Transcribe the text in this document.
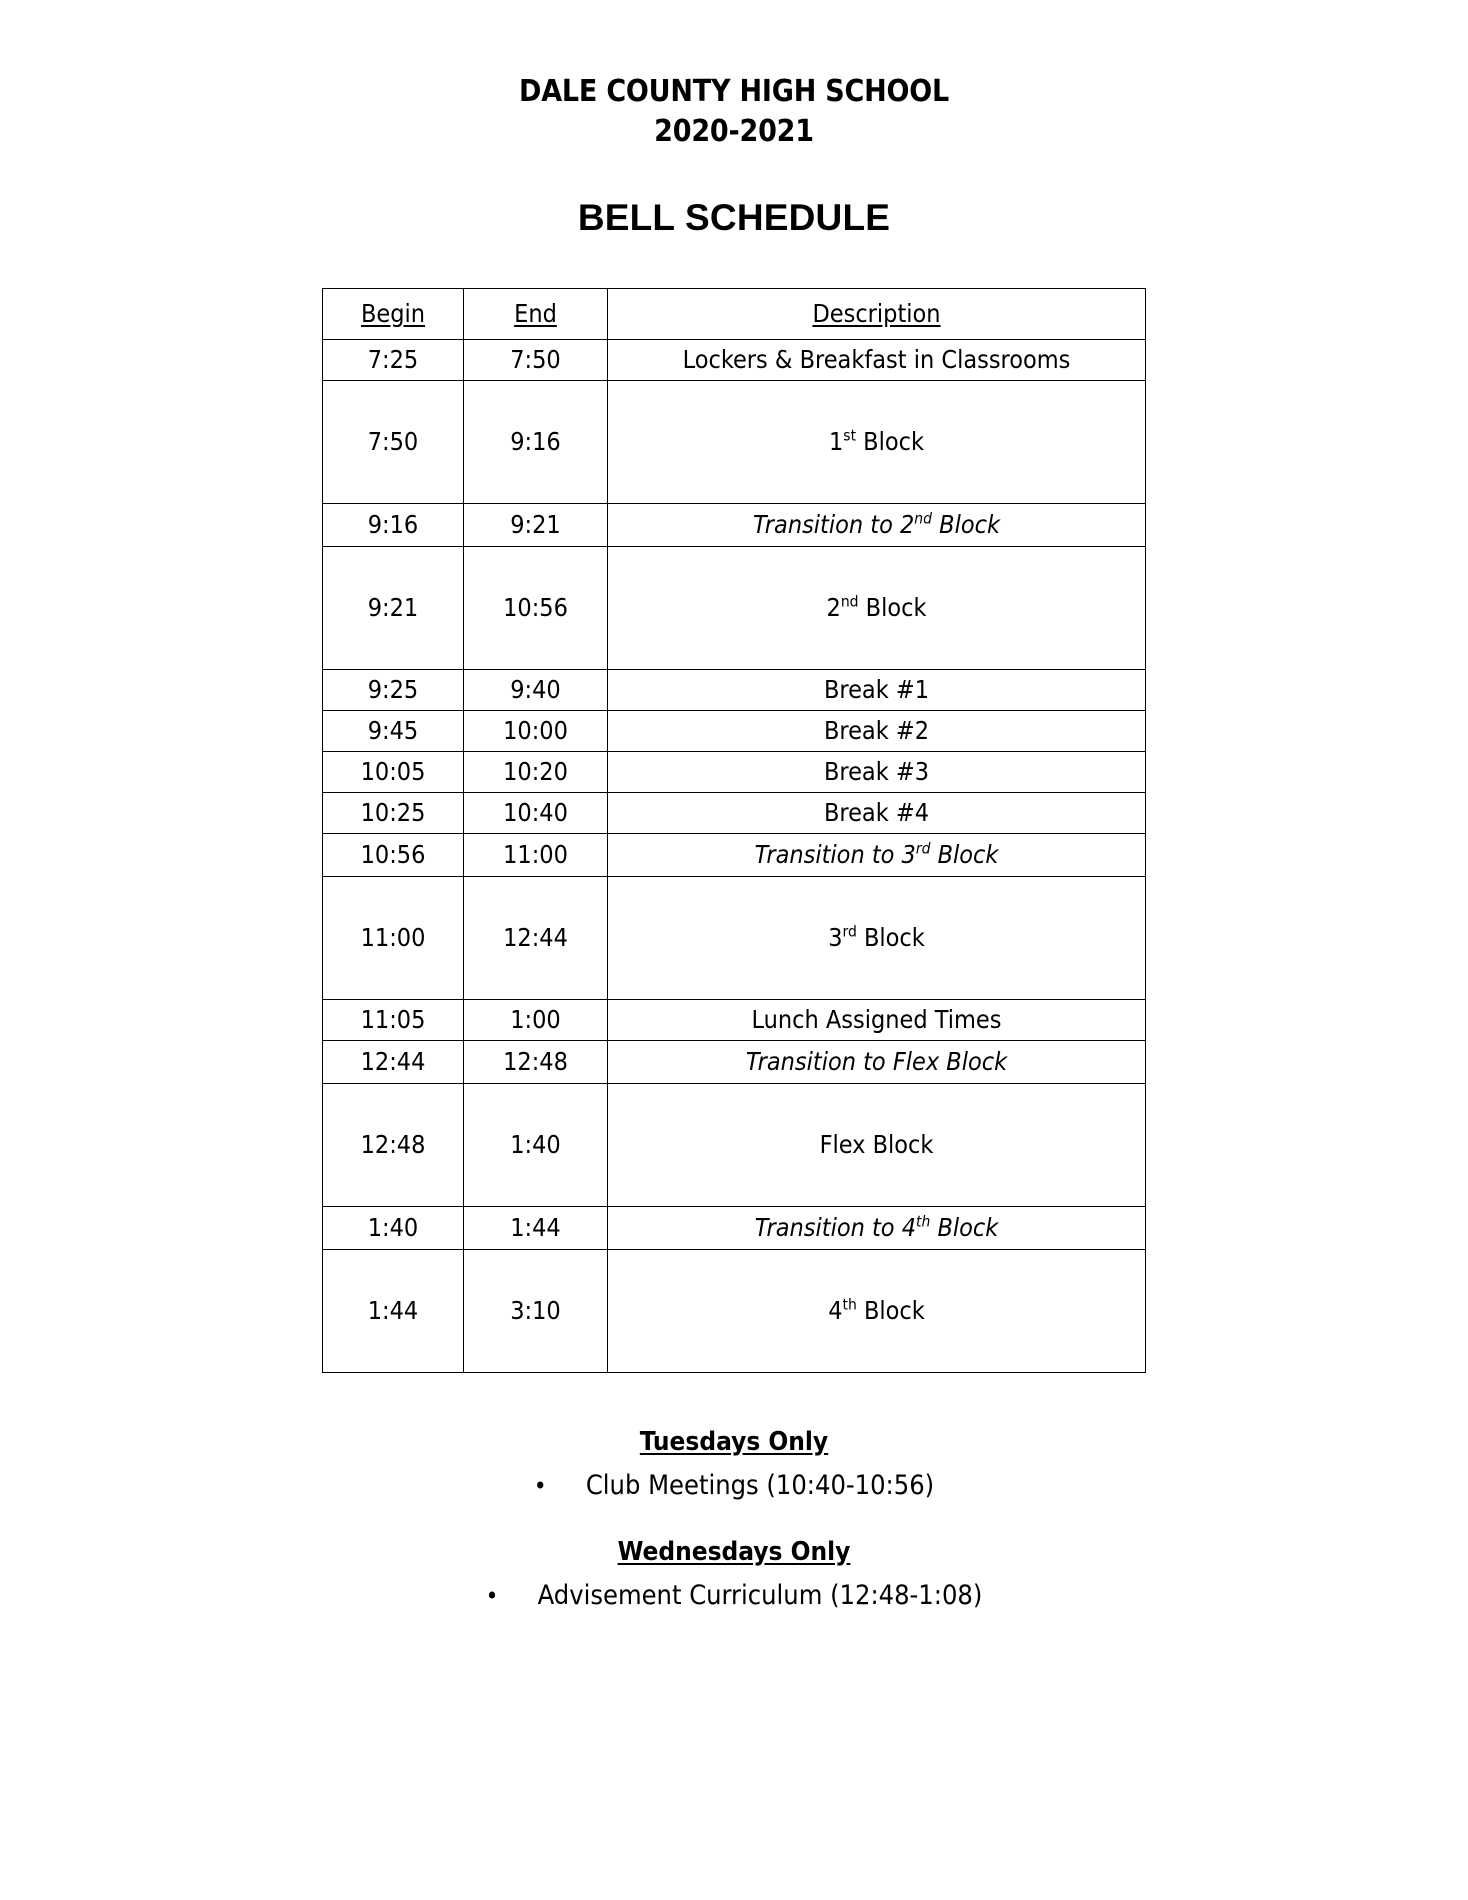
DALE COUNTY HIGH SCHOOL
2020-2021
BELL SCHEDULE
Begin	End	Description
7:25	7:50	Lockers & Breakfast in Classrooms
7:50	9:16	1st Block
9:16	9:21	Transition to 2nd Block
9:21	10:56	2nd Block
9:25	9:40	Break #1
9:45	10:00	Break #2
10:05	10:20	Break #3
10:25	10:40	Break #4
10:56	11:00	Transition to 3rd Block
11:00	12:44	3rd Block
11:05	1:00	Lunch Assigned Times
12:44	12:48	Transition to Flex Block
12:48	1:40	Flex Block
1:40	1:44	Transition to 4th Block
1:44	3:10	4th Block
Tuesdays Only
•	Club Meetings (10:40-10:56)
Wednesdays Only
•	Advisement Curriculum (12:48-1:08)
